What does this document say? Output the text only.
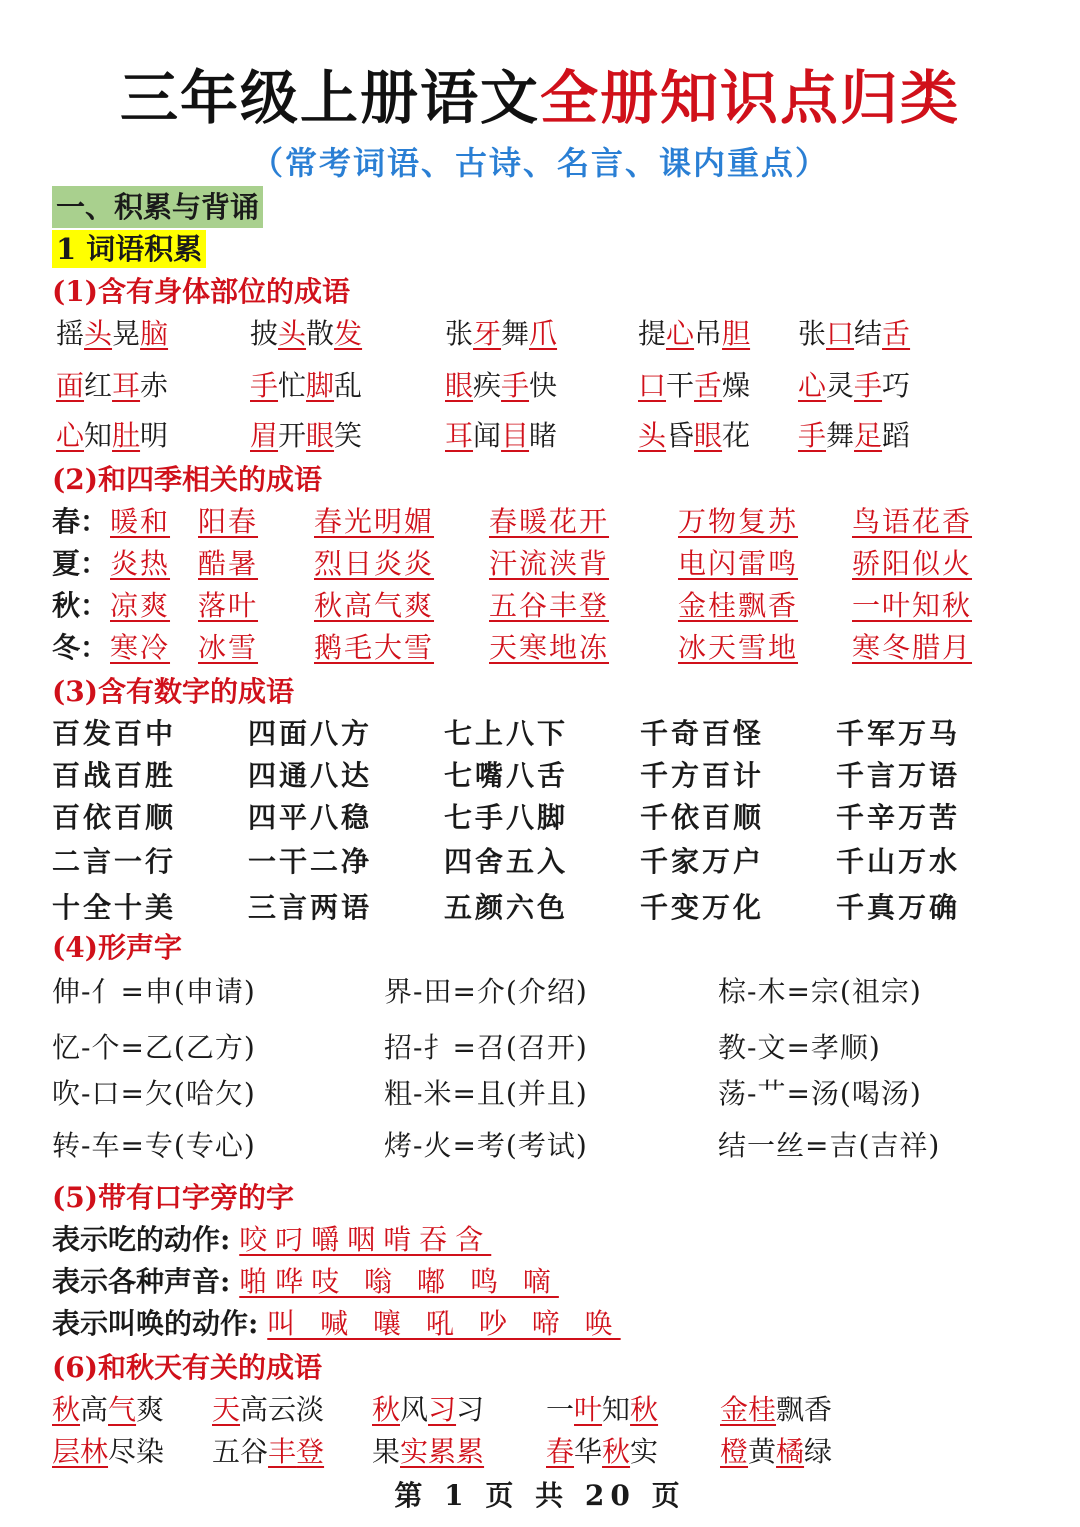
三年级上册语文全册知识点归类
（常考词语、古诗、名言、课内重点）
一、积累与背诵
1 词语积累
(1)含有身体部位的成语
摇头晃脑	披头散发	张牙舞爪	提心吊胆 张口结舌
面红耳赤	手忙脚乱	眼疾手快	口干舌燥 心灵手巧
心知肚明	眉开眼笑	耳闻目睹	头昏眼花 手舞足蹈
(2)和四季相关的成语
春： 暖和 阳春 春光明媚 春暖花开 万物复苏 鸟语花香
夏： 炎热 酷暑 烈日炎炎 汗流浃背 电闪雷鸣 骄阳似火
秋： 凉爽 落叶 秋高气爽 五谷丰登 金桂飘香 一叶知秋
冬： 寒冷 冰雪 鹅毛大雪 天寒地冻 冰天雪地 寒冬腊月
(3)含有数字的成语
百发百中	四面八方	七上八下	千奇百怪	千军万马
百战百胜	四通八达	七嘴八舌	千方百计	千言万语
百依百顺	四平八稳	七手八脚	千依百顺	千辛万苦
二言一行	一干二净	四舍五入	千家万户	千山万水
十全十美	三言两语	五颜六色	千变万化	千真万确
(4)形声字
伸-亻=申(申请)	界-田=介(介绍)	棕-木=宗(祖宗)
忆-个=乙(乙方)	招-扌=召(召开)	教-文=孝顺)
吹-口=欠(哈欠)	粗-米=且(并且)	荡-艹=汤(喝汤)
转-车=专(专心)	烤-火=考(考试)	结一丝=吉(吉祥)
(5)带有口字旁的字
表示吃的动作: 咬叼嚼咽啃吞含
表示各种声音: 啪哗吱 嗡 嘟 鸣 嘀
表示叫唤的动作: 叫 喊 嚷 吼 吵 啼 唤
(6)和秋天有关的成语
秋高气爽 天高云淡 秋风习习 一叶知秋 金桂飘香
层林尽染 五谷丰登 果实累累 春华秋实 橙黄橘绿
第 1 页 共 20 页
